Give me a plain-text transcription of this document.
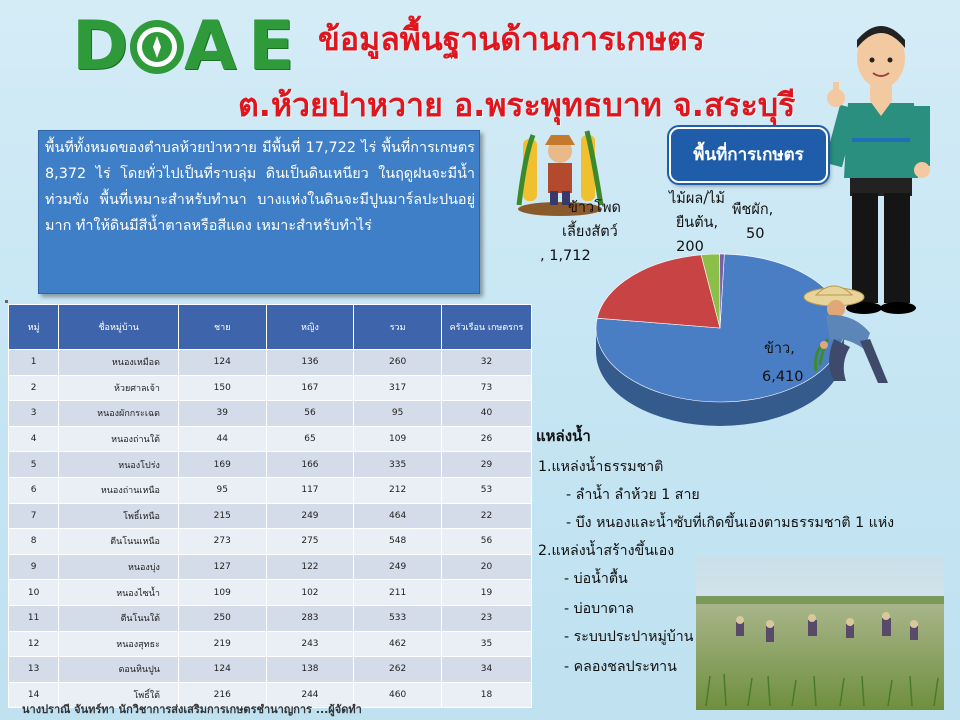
D A E ข้อมูลพื้นฐานด้านการเกษตร
ต.ห้วยป่าหวาย อ.พระพุทธบาท จ.สระบุรี
พื้นที่ทั้งหมดของตำบลห้วยป่าหวาย มีพื้นที่ 17,722 ไร่ พื้นที่การเกษตร 8,372 ไร่ โดยทั่วไปเป็นที่ราบลุ่ม ดินเป็นดินเหนียว ในฤดูฝนจะมีน้ำท่วมขัง พื้นที่เหมาะสำหรับทำนา บางแห่งในดินจะมีปูนมาร์ลปะปนอยู่มาก ทำให้ดินมีสีน้ำตาลหรือสีแดง เหมาะสำหรับทำไร่
พื้นที่การเกษตร
ข้าวโพด
เลี้ยงสัตว์
, 1,712
ไม้ผล/ไม้
ยืนต้น,
200
พืชผัก,
50
ข้าว,
6,410
หมู่	ชื่อหมู่บ้าน	ชาย	หญิง	รวม	ครัวเรือน เกษตรกร
1	หนองเหมือด	124	136	260	32
2	ห้วยศาลเจ้า	150	167	317	73
3	หนองผักกระเฉด	39	56	95	40
4	หนองถ่านใต้	44	65	109	26
5	หนองโปร่ง	169	166	335	29
6	หนองถ่านเหนือ	95	117	212	53
7	โพธิ์เหนือ	215	249	464	22
8	ตีนโนนเหนือ	273	275	548	56
9	หนองบุ่ง	127	122	249	20
10	หนองไซน้ำ	109	102	211	19
11	ตีนโนนใต้	250	283	533	23
12	หนองสุทธะ	219	243	462	35
13	ดอนหินปูน	124	138	262	34
14	โพธิ์ใต้	216	244	460	18
แหล่งน้ำ
1.แหล่งน้ำธรรมชาติ
- ลำน้ำ ลำห้วย 1 สาย
- บึง หนองและน้ำซับที่เกิดขึ้นเองตามธรรมชาติ 1 แห่ง
2.แหล่งน้ำสร้างขึ้นเอง
- บ่อน้ำตื้น
- บ่อบาดาล
- ระบบประปาหมู่บ้าน
- คลองชลประทาน
นางปราณี จันทร์ทา นักวิชาการส่งเสริมการเกษตรชำนาญการ ...ผู้จัดทำ
